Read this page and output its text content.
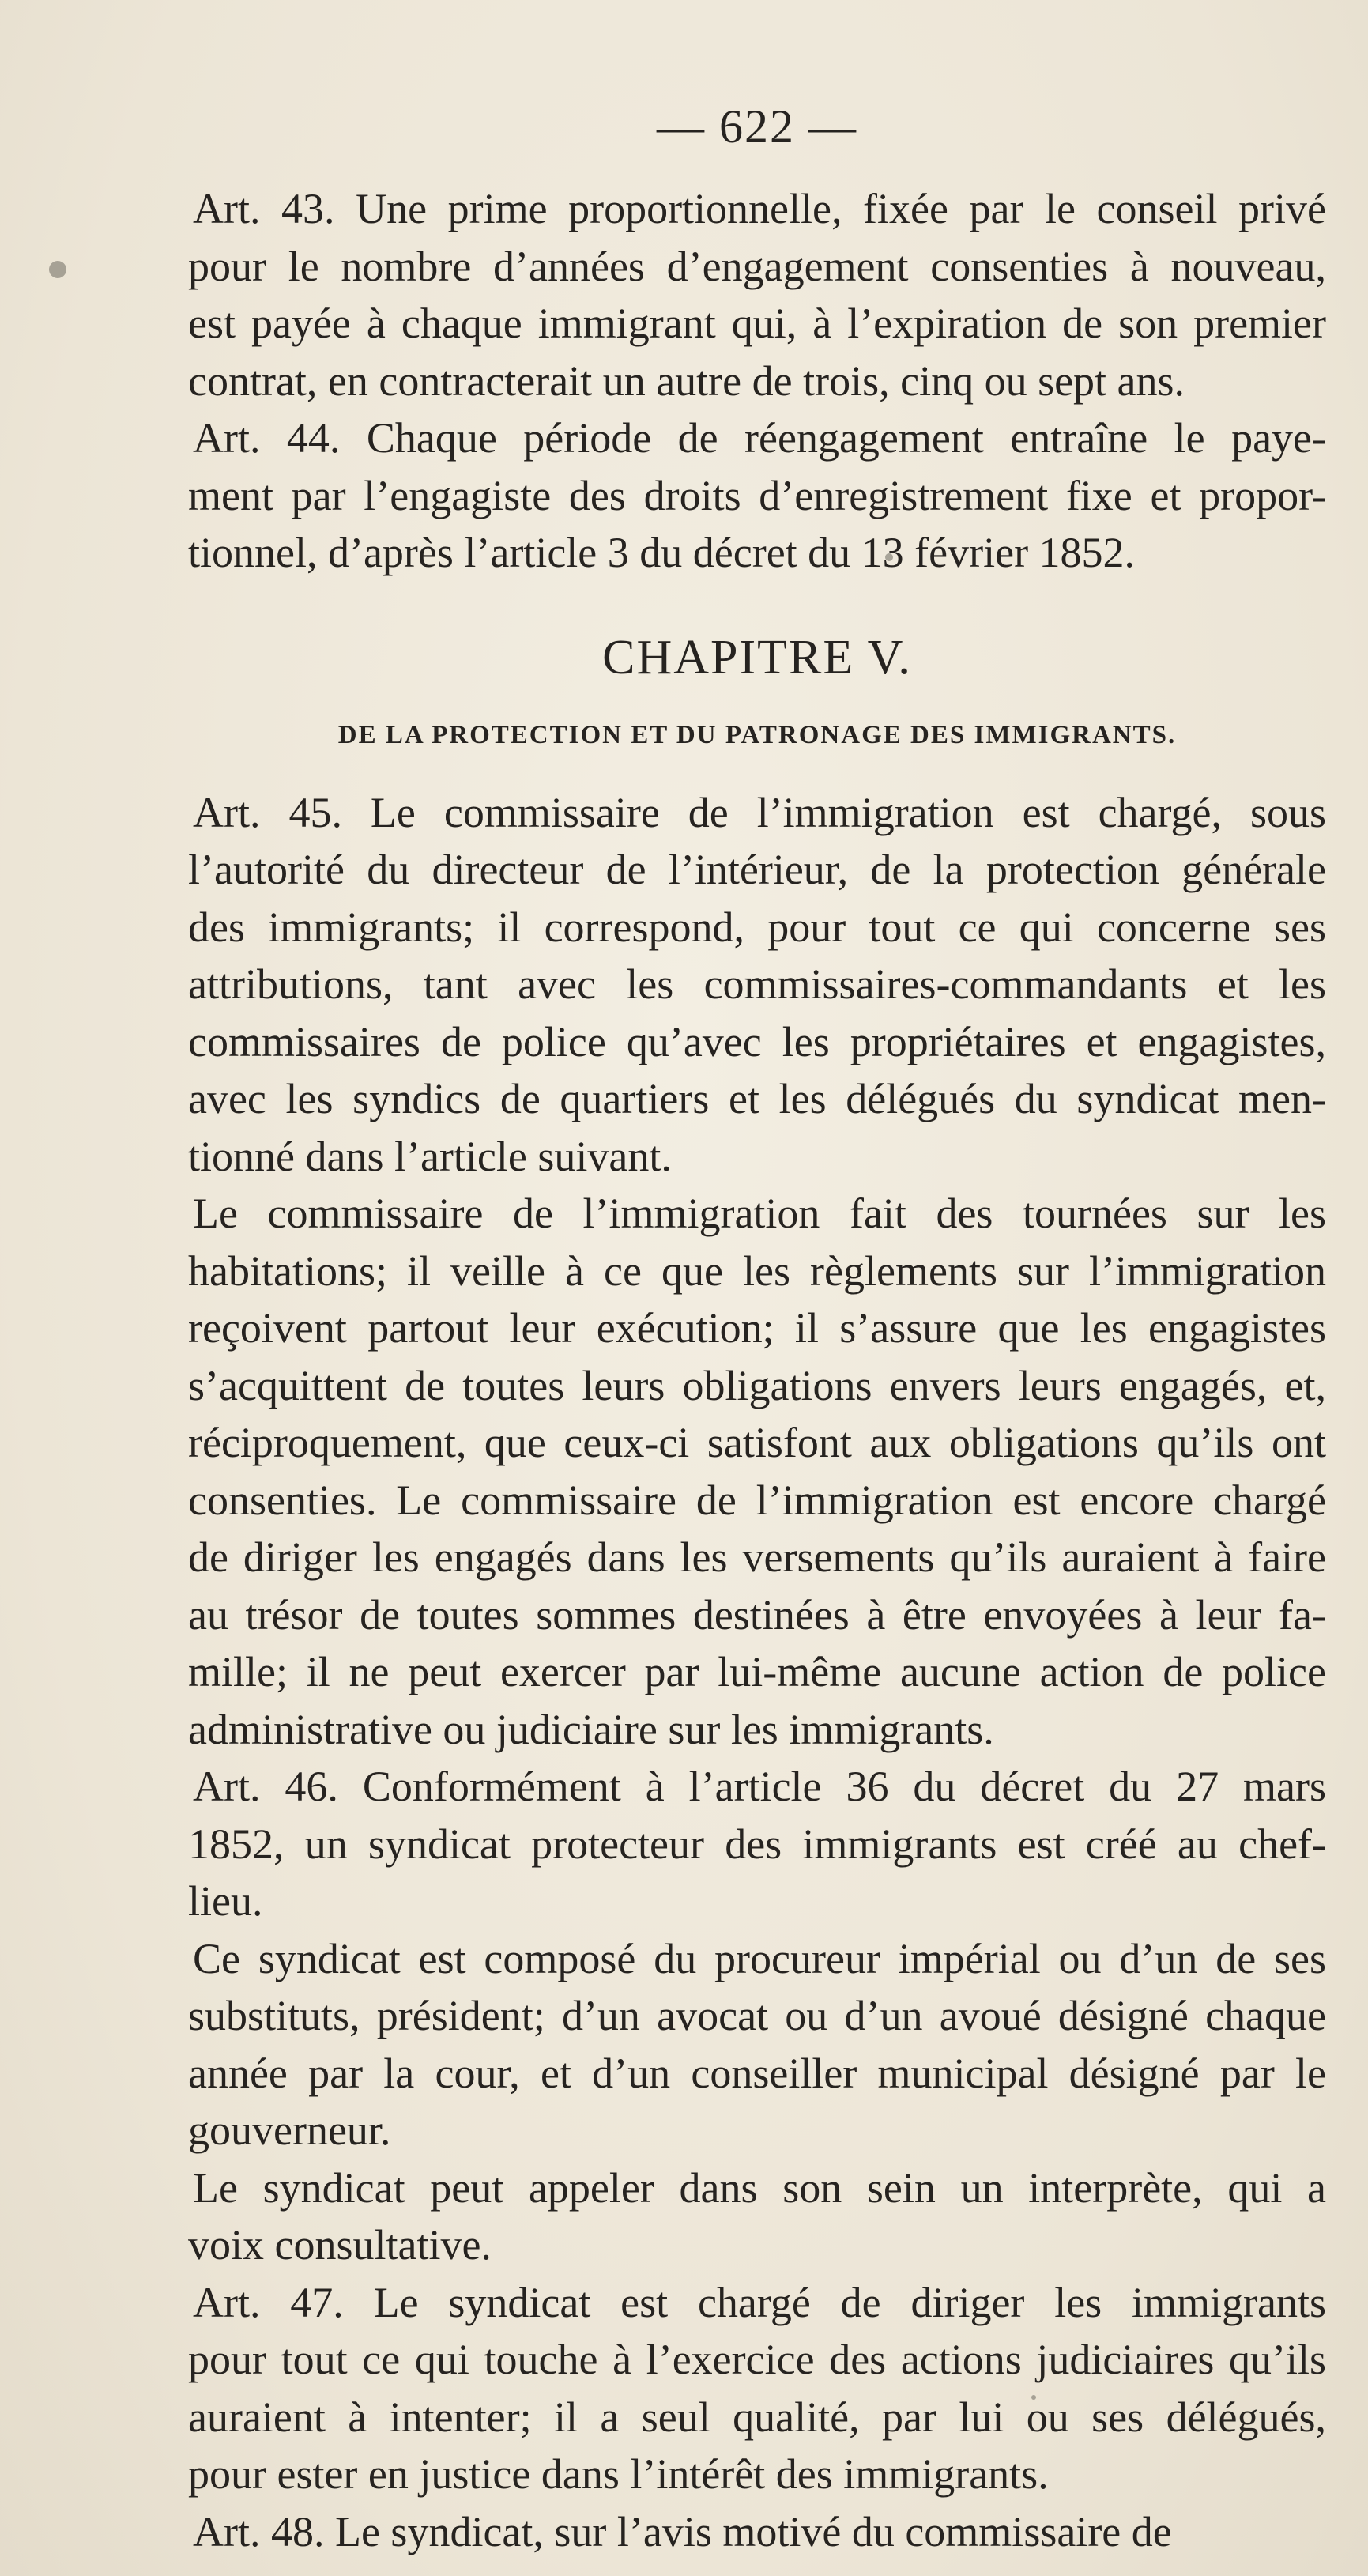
— 622 —
Art. 43. Une prime proportionnelle, fixée par le conseil privé
pour le nombre d’années d’engagement consenties à nouveau,
est payée à chaque immigrant qui, à l’expiration de son premier
contrat, en contracterait un autre de trois, cinq ou sept ans.
Art. 44. Chaque période de réengagement entraîne le paye-
ment par l’engagiste des droits d’enregistrement fixe et propor-
tionnel, d’après l’article 3 du décret du 13 février 1852.
CHAPITRE V.
DE LA PROTECTION ET DU PATRONAGE DES IMMIGRANTS.
Art. 45. Le commissaire de l’immigration est chargé, sous
l’autorité du directeur de l’intérieur, de la protection générale
des immigrants; il correspond, pour tout ce qui concerne ses
attributions, tant avec les commissaires-commandants et les
commissaires de police qu’avec les propriétaires et engagistes,
avec les syndics de quartiers et les délégués du syndicat men-
tionné dans l’article suivant.
Le commissaire de l’immigration fait des tournées sur les
habitations; il veille à ce que les règlements sur l’immigration
reçoivent partout leur exécution; il s’assure que les engagistes
s’acquittent de toutes leurs obligations envers leurs engagés, et,
réciproquement, que ceux-ci satisfont aux obligations qu’ils ont
consenties. Le commissaire de l’immigration est encore chargé
de diriger les engagés dans les versements qu’ils auraient à faire
au trésor de toutes sommes destinées à être envoyées à leur fa-
mille; il ne peut exercer par lui-même aucune action de police
administrative ou judiciaire sur les immigrants.
Art. 46. Conformément à l’article 36 du décret du 27 mars
1852, un syndicat protecteur des immigrants est créé au chef-
lieu.
Ce syndicat est composé du procureur impérial ou d’un de ses
substituts, président; d’un avocat ou d’un avoué désigné chaque
année par la cour, et d’un conseiller municipal désigné par le
gouverneur.
Le syndicat peut appeler dans son sein un interprète, qui a
voix consultative.
Art. 47. Le syndicat est chargé de diriger les immigrants
pour tout ce qui touche à l’exercice des actions judiciaires qu’ils
auraient à intenter; il a seul qualité, par lui ou ses délégués,
pour ester en justice dans l’intérêt des immigrants.
Art. 48. Le syndicat, sur l’avis motivé du commissaire de
